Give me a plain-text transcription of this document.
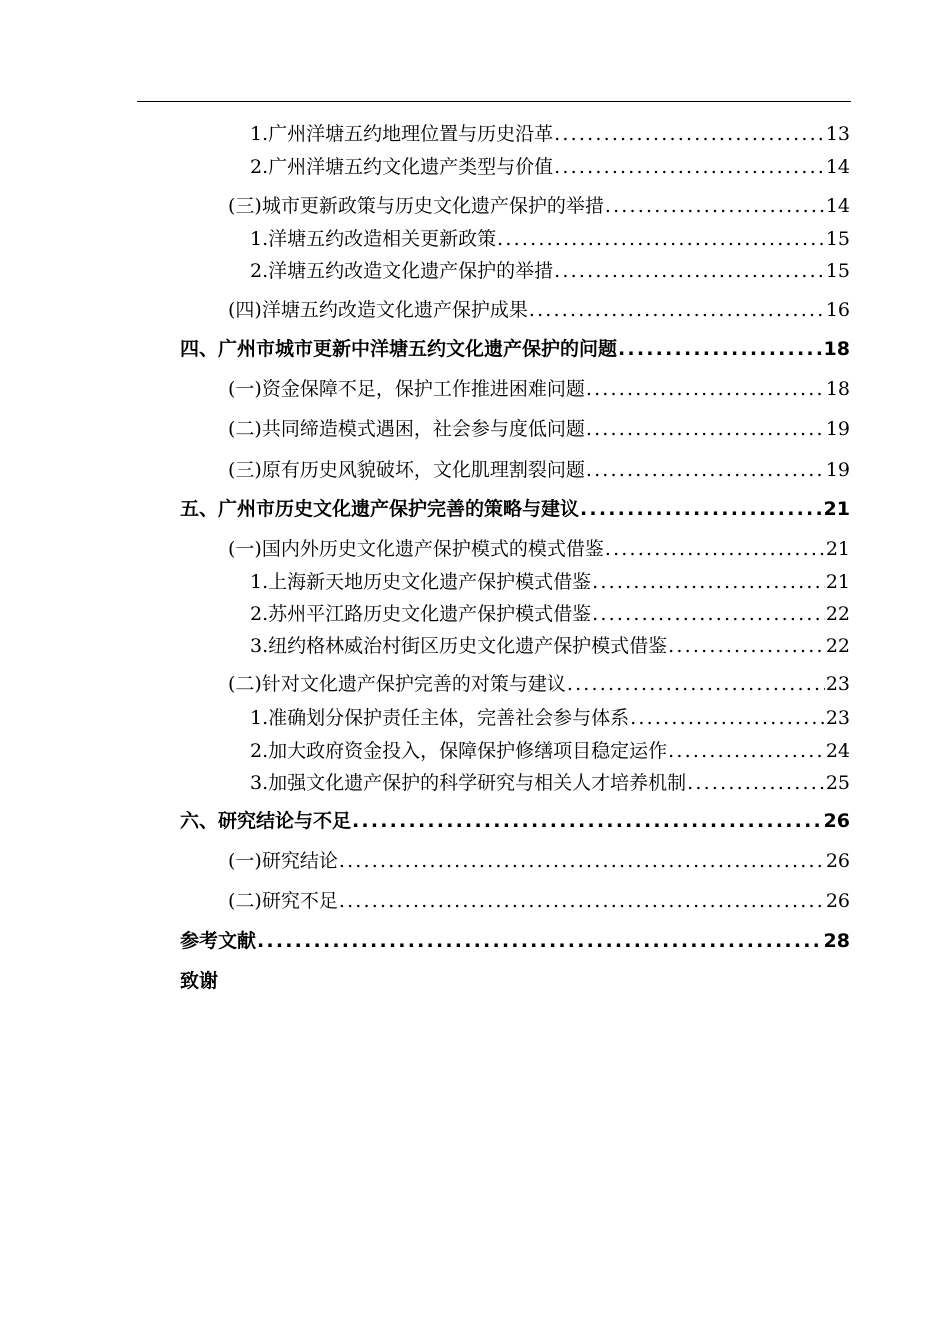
1.广州洋塘五约地理位置与历史沿革 .....	13
2.广州洋塘五约文化遗产类型与价值 .....	14
(三)城市更新政策与历史文化遗产保护的举措 .....	14
1.洋塘五约改造相关更新政策 .....	15
2.洋塘五约改造文化遗产保护的举措 .....	15
(四)洋塘五约改造文化遗产保护成果 .....	16
四、广州市城市更新中洋塘五约文化遗产保护的问题 .....	18
(一)资金保障不足，保护工作推进困难问题 .....	18
(二)共同缔造模式遇困，社会参与度低问题 .....	19
(三)原有历史风貌破坏，文化肌理割裂问题 .....	19
五、广州市历史文化遗产保护完善的策略与建议 .....	21
(一)国内外历史文化遗产保护模式的模式借鉴 .....	21
1.上海新天地历史文化遗产保护模式借鉴 .....	21
2.苏州平江路历史文化遗产保护模式借鉴 .....	22
3.纽约格林威治村街区历史文化遗产保护模式借鉴 .....	22
(二)针对文化遗产保护完善的对策与建议 .....	23
1.准确划分保护责任主体，完善社会参与体系 .....	23
2.加大政府资金投入，保障保护修缮项目稳定运作 .....	24
3.加强文化遗产保护的科学研究与相关人才培养机制 .....	25
六、研究结论与不足 .....	26
(一)研究结论 .....	26
(二)研究不足 .....	26
参考文献 .....	28
致谢
